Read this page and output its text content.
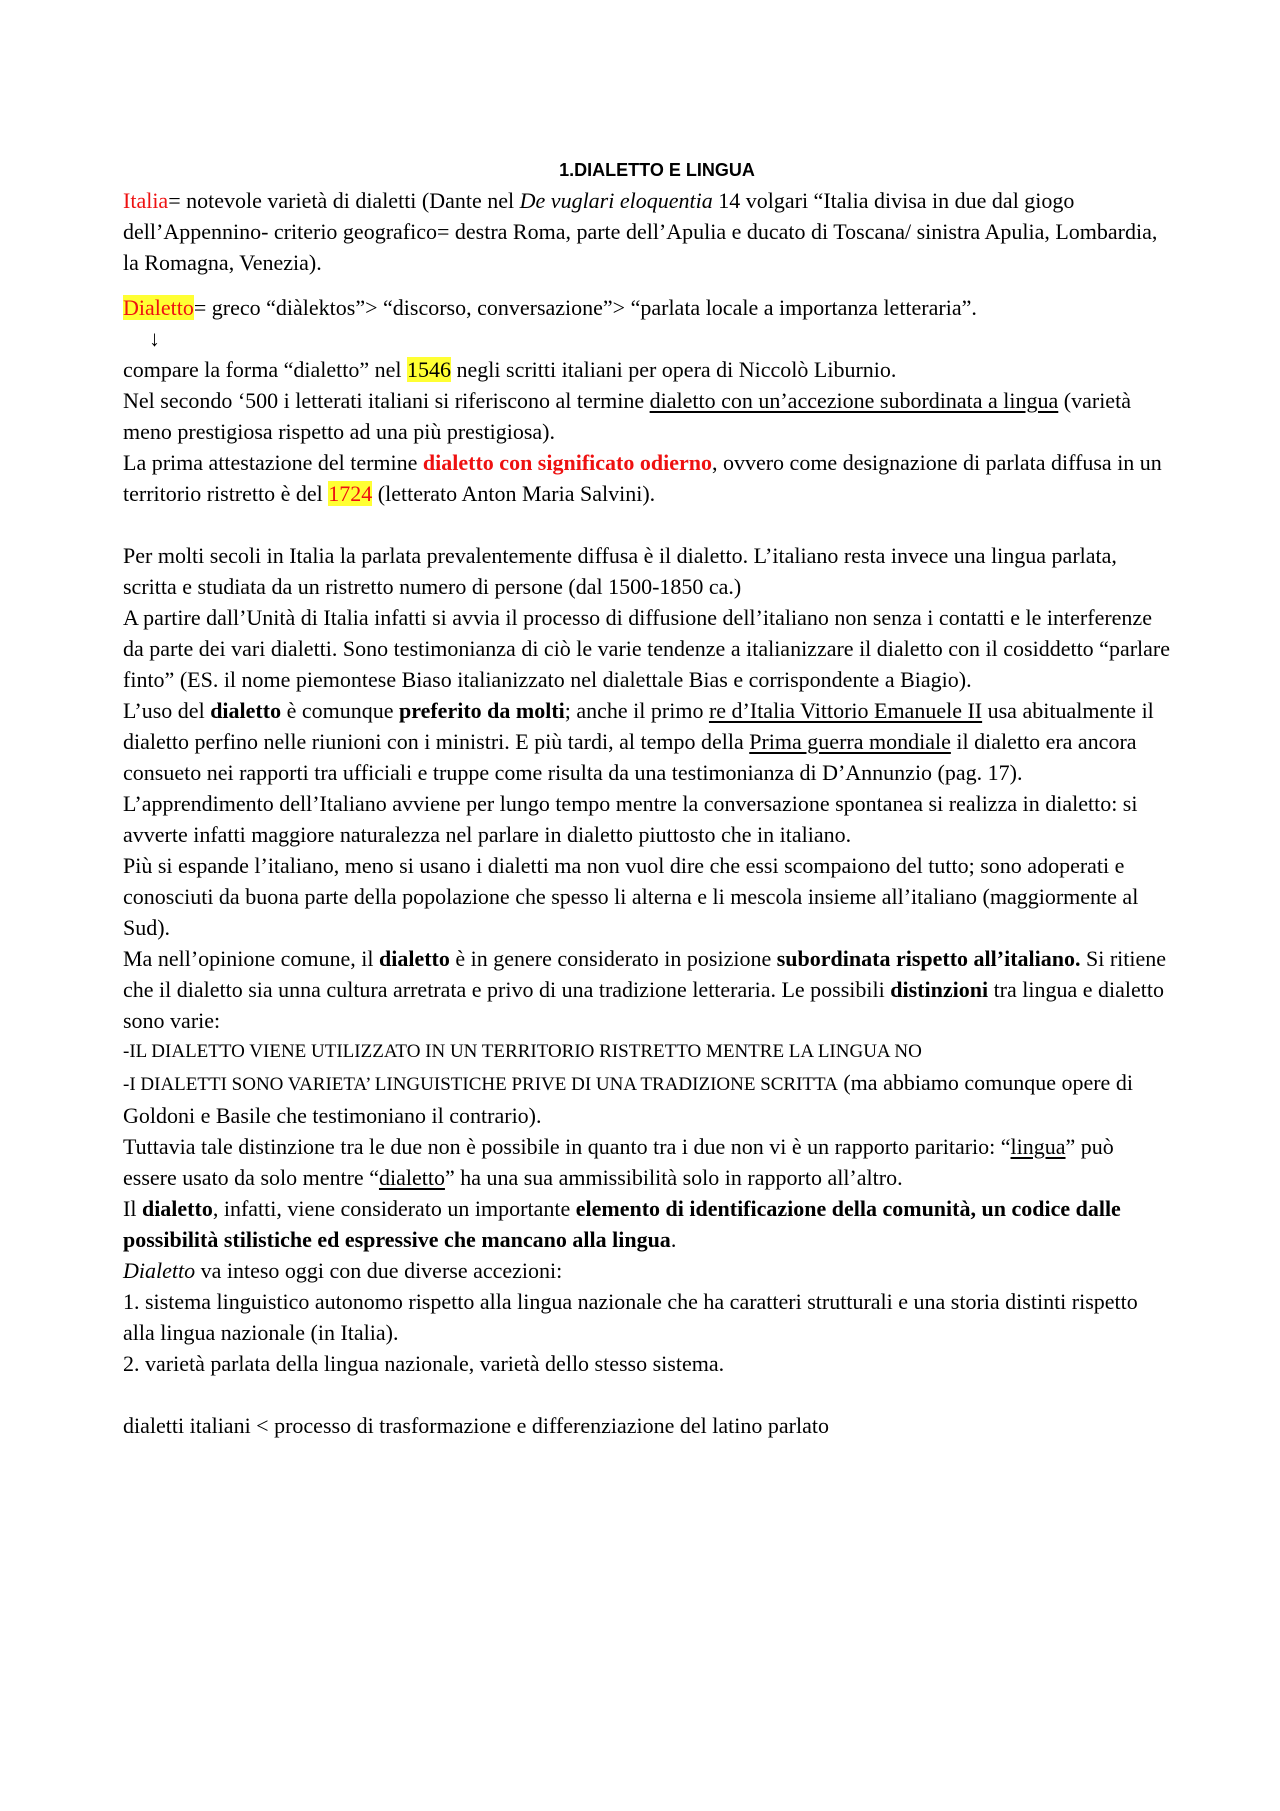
1.DIALETTO E LINGUA

Italia= notevole varietà di dialetti (Dante nel De vuglari eloquentia 14 volgari “Italia divisa in due dal giogo dell’Appennino- criterio geografico= destra Roma, parte dell’Apulia e ducato di Toscana/ sinistra Apulia, Lombardia, la Romagna, Venezia).

Dialetto= greco “diàlektos”> “discorso, conversazione”> “parlata locale a importanza letteraria”.

↓

compare la forma “dialetto” nel 1546 negli scritti italiani per opera di Niccolò Liburnio.

Nel secondo ‘500 i letterati italiani si riferiscono al termine dialetto con un’accezione subordinata a lingua (varietà meno prestigiosa rispetto ad una più prestigiosa).

La prima attestazione del termine dialetto con significato odierno, ovvero come designazione di parlata diffusa in un territorio ristretto è del 1724 (letterato Anton Maria Salvini).

Per molti secoli in Italia la parlata prevalentemente diffusa è il dialetto. L’italiano resta invece una lingua parlata, scritta e studiata da un ristretto numero di persone (dal 1500-1850 ca.)

A partire dall’Unità di Italia infatti si avvia il processo di diffusione dell’italiano non senza i contatti e le interferenze da parte dei vari dialetti. Sono testimonianza di ciò le varie tendenze a italianizzare il dialetto con il cosiddetto “parlare finto” (ES. il nome piemontese Biaso italianizzato nel dialettale Bias e corrispondente a Biagio).

L’uso del dialetto è comunque preferito da molti; anche il primo re d’Italia Vittorio Emanuele II usa abitualmente il dialetto perfino nelle riunioni con i ministri. E più tardi, al tempo della Prima guerra mondiale il dialetto era ancora consueto nei rapporti tra ufficiali e truppe come risulta da una testimonianza di D’Annunzio (pag. 17).

L’apprendimento dell’Italiano avviene per lungo tempo mentre la conversazione spontanea si realizza in dialetto: si avverte infatti maggiore naturalezza nel parlare in dialetto piuttosto che in italiano.

Più si espande l’italiano, meno si usano i dialetti ma non vuol dire che essi scompaiono del tutto; sono adoperati e conosciuti da buona parte della popolazione che spesso li alterna e li mescola insieme all’italiano (maggiormente al Sud).

Ma nell’opinione comune, il dialetto è in genere considerato in posizione subordinata rispetto all’italiano. Si ritiene che il dialetto sia unna cultura arretrata e privo di una tradizione letteraria. Le possibili distinzioni tra lingua e dialetto sono varie:

-IL DIALETTO VIENE UTILIZZATO IN UN TERRITORIO RISTRETTO MENTRE LA LINGUA NO

-I DIALETTI SONO VARIETA’ LINGUISTICHE PRIVE DI UNA TRADIZIONE SCRITTA (ma abbiamo comunque opere di Goldoni e Basile che testimoniano il contrario).

Tuttavia tale distinzione tra le due non è possibile in quanto tra i due non vi è un rapporto paritario: “lingua” può essere usato da solo mentre “dialetto” ha una sua ammissibilità solo in rapporto all’altro.

Il dialetto, infatti, viene considerato un importante elemento di identificazione della comunità, un codice dalle possibilità stilistiche ed espressive che mancano alla lingua.

Dialetto va inteso oggi con due diverse accezioni:

1. sistema linguistico autonomo rispetto alla lingua nazionale che ha caratteri strutturali e una storia distinti rispetto alla lingua nazionale (in Italia).

2. varietà parlata della lingua nazionale, varietà dello stesso sistema.

dialetti italiani < processo di trasformazione e differenziazione del latino parlato
